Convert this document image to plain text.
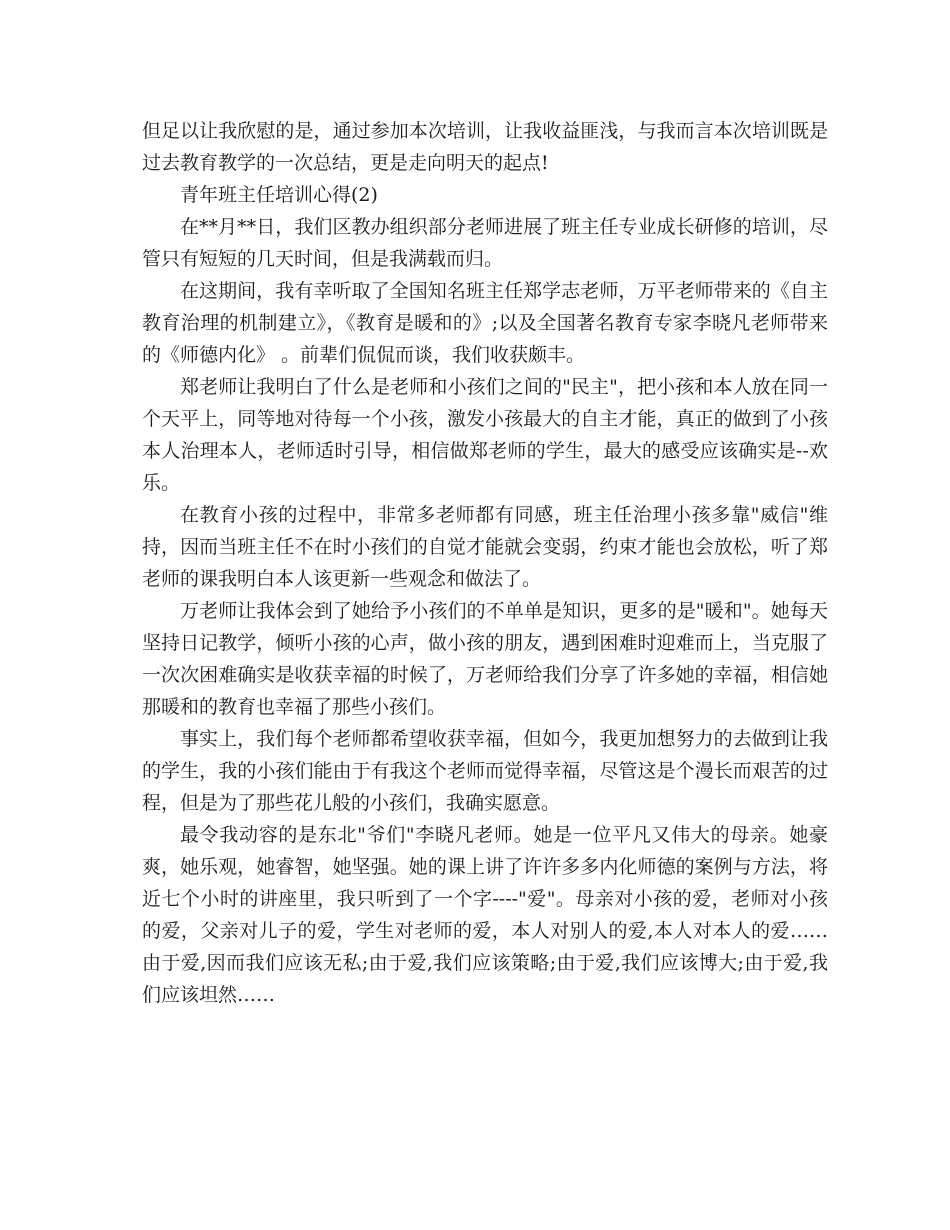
但足以让我欣慰的是，通过参加本次培训，让我收益匪浅，与我而言本次培训既是过去教育教学的一次总结，更是走向明天的起点!

青年班主任培训心得(2)

在**月**日，我们区教办组织部分老师进展了班主任专业成长研修的培训，尽管只有短短的几天时间，但是我满载而归。

在这期间，我有幸听取了全国知名班主任郑学志老师，万平老师带来的《自主教育治理的机制建立》，《教育是暖和的》;以及全国著名教育专家李晓凡老师带来的《师德内化》 。前辈们侃侃而谈，我们收获颇丰。

郑老师让我明白了什么是老师和小孩们之间的"民主"，把小孩和本人放在同一个天平上，同等地对待每一个小孩，激发小孩最大的自主才能，真正的做到了小孩本人治理本人，老师适时引导，相信做郑老师的学生，最大的感受应该确实是--欢乐。

在教育小孩的过程中，非常多老师都有同感，班主任治理小孩多靠"威信"维持，因而当班主任不在时小孩们的自觉才能就会变弱，约束才能也会放松，听了郑老师的课我明白本人该更新一些观念和做法了。

万老师让我体会到了她给予小孩们的不单单是知识，更多的是"暖和"。她每天坚持日记教学，倾听小孩的心声，做小孩的朋友，遇到困难时迎难而上，当克服了一次次困难确实是收获幸福的时候了，万老师给我们分享了许多她的幸福，相信她那暖和的教育也幸福了那些小孩们。

事实上，我们每个老师都希望收获幸福，但如今，我更加想努力的去做到让我的学生，我的小孩们能由于有我这个老师而觉得幸福，尽管这是个漫长而艰苦的过程，但是为了那些花儿般的小孩们，我确实愿意。

最令我动容的是东北"爷们"李晓凡老师。她是一位平凡又伟大的母亲。她豪爽，她乐观，她睿智，她坚强。她的课上讲了许许多多内化师德的案例与方法，将近七个小时的讲座里，我只听到了一个字----"爱"。母亲对小孩的爱，老师对小孩的爱，父亲对儿子的爱，学生对老师的爱，本人对别人的爱,本人对本人的爱……由于爱,因而我们应该无私;由于爱,我们应该策略;由于爱,我们应该博大;由于爱,我们应该坦然……
